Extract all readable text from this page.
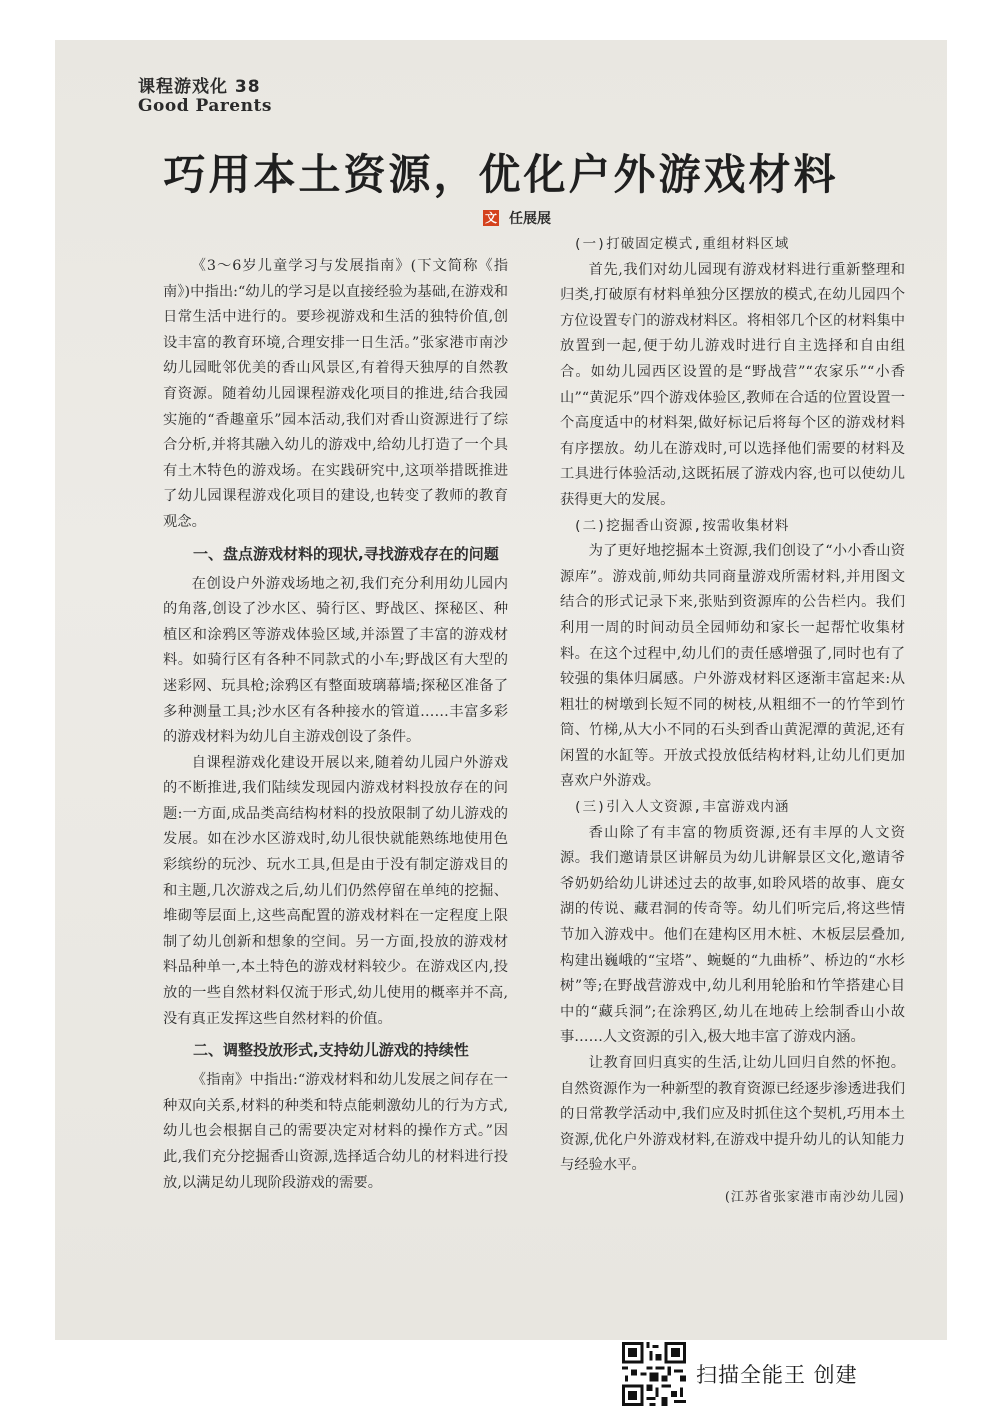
课程游戏化 38
Good Parents
巧用本土资源，优化户外游戏材料
文 任展展

《3～6岁儿童学习与发展指南》(下文简称《指南》)中指出:“幼儿的学习是以直接经验为基础,在游戏和日常生活中进行的。要珍视游戏和生活的独特价值,创设丰富的教育环境,合理安排一日生活。”张家港市南沙幼儿园毗邻优美的香山风景区,有着得天独厚的自然教育资源。随着幼儿园课程游戏化项目的推进,结合我园实施的“香趣童乐”园本活动,我们对香山资源进行了综合分析,并将其融入幼儿的游戏中,给幼儿打造了一个具有土木特色的游戏场。在实践研究中,这项举措既推进了幼儿园课程游戏化项目的建设,也转变了教师的教育观念。

一、盘点游戏材料的现状,寻找游戏存在的问题

在创设户外游戏场地之初,我们充分利用幼儿园内的角落,创设了沙水区、骑行区、野战区、探秘区、种植区和涂鸦区等游戏体验区域,并添置了丰富的游戏材料。如骑行区有各种不同款式的小车;野战区有大型的迷彩网、玩具枪;涂鸦区有整面玻璃幕墙;探秘区准备了多种测量工具;沙水区有各种接水的管道……丰富多彩的游戏材料为幼儿自主游戏创设了条件。

自课程游戏化建设开展以来,随着幼儿园户外游戏的不断推进,我们陆续发现园内游戏材料投放存在的问题:一方面,成品类高结构材料的投放限制了幼儿游戏的发展。如在沙水区游戏时,幼儿很快就能熟练地使用色彩缤纷的玩沙、玩水工具,但是由于没有制定游戏目的和主题,几次游戏之后,幼儿们仍然停留在单纯的挖掘、堆砌等层面上,这些高配置的游戏材料在一定程度上限制了幼儿创新和想象的空间。另一方面,投放的游戏材料品种单一,本土特色的游戏材料较少。在游戏区内,投放的一些自然材料仅流于形式,幼儿使用的概率并不高,没有真正发挥这些自然材料的价值。

二、调整投放形式,支持幼儿游戏的持续性

《指南》中指出:“游戏材料和幼儿发展之间存在一种双向关系,材料的种类和特点能刺激幼儿的行为方式,幼儿也会根据自己的需要决定对材料的操作方式。”因此,我们充分挖掘香山资源,选择适合幼儿的材料进行投放,以满足幼儿现阶段游戏的需要。

(一)打破固定模式,重组材料区域

首先,我们对幼儿园现有游戏材料进行重新整理和归类,打破原有材料单独分区摆放的模式,在幼儿园四个方位设置专门的游戏材料区。将相邻几个区的材料集中放置到一起,便于幼儿游戏时进行自主选择和自由组合。如幼儿园西区设置的是“野战营”“农家乐”“小香山”“黄泥乐”四个游戏体验区,教师在合适的位置设置一个高度适中的材料架,做好标记后将每个区的游戏材料有序摆放。幼儿在游戏时,可以选择他们需要的材料及工具进行体验活动,这既拓展了游戏内容,也可以使幼儿获得更大的发展。

(二)挖掘香山资源,按需收集材料

为了更好地挖掘本土资源,我们创设了“小小香山资源库”。游戏前,师幼共同商量游戏所需材料,并用图文结合的形式记录下来,张贴到资源库的公告栏内。我们利用一周的时间动员全园师幼和家长一起帮忙收集材料。在这个过程中,幼儿们的责任感增强了,同时也有了较强的集体归属感。户外游戏材料区逐渐丰富起来:从粗壮的树墩到长短不同的树枝,从粗细不一的竹竿到竹筒、竹梯,从大小不同的石头到香山黄泥潭的黄泥,还有闲置的水缸等。开放式投放低结构材料,让幼儿们更加喜欢户外游戏。

(三)引入人文资源,丰富游戏内涵

香山除了有丰富的物质资源,还有丰厚的人文资源。我们邀请景区讲解员为幼儿讲解景区文化,邀请爷爷奶奶给幼儿讲述过去的故事,如聆风塔的故事、鹿女湖的传说、藏君洞的传奇等。幼儿们听完后,将这些情节加入游戏中。他们在建构区用木桩、木板层层叠加,构建出巍峨的“宝塔”、蜿蜒的“九曲桥”、桥边的“水杉树”等;在野战营游戏中,幼儿利用轮胎和竹竿搭建心目中的“藏兵洞”;在涂鸦区,幼儿在地砖上绘制香山小故事……人文资源的引入,极大地丰富了游戏内涵。

让教育回归真实的生活,让幼儿回归自然的怀抱。自然资源作为一种新型的教育资源已经逐步渗透进我们的日常教学活动中,我们应及时抓住这个契机,巧用本土资源,优化户外游戏材料,在游戏中提升幼儿的认知能力与经验水平。

(江苏省张家港市南沙幼儿园)

扫描全能王 创建
